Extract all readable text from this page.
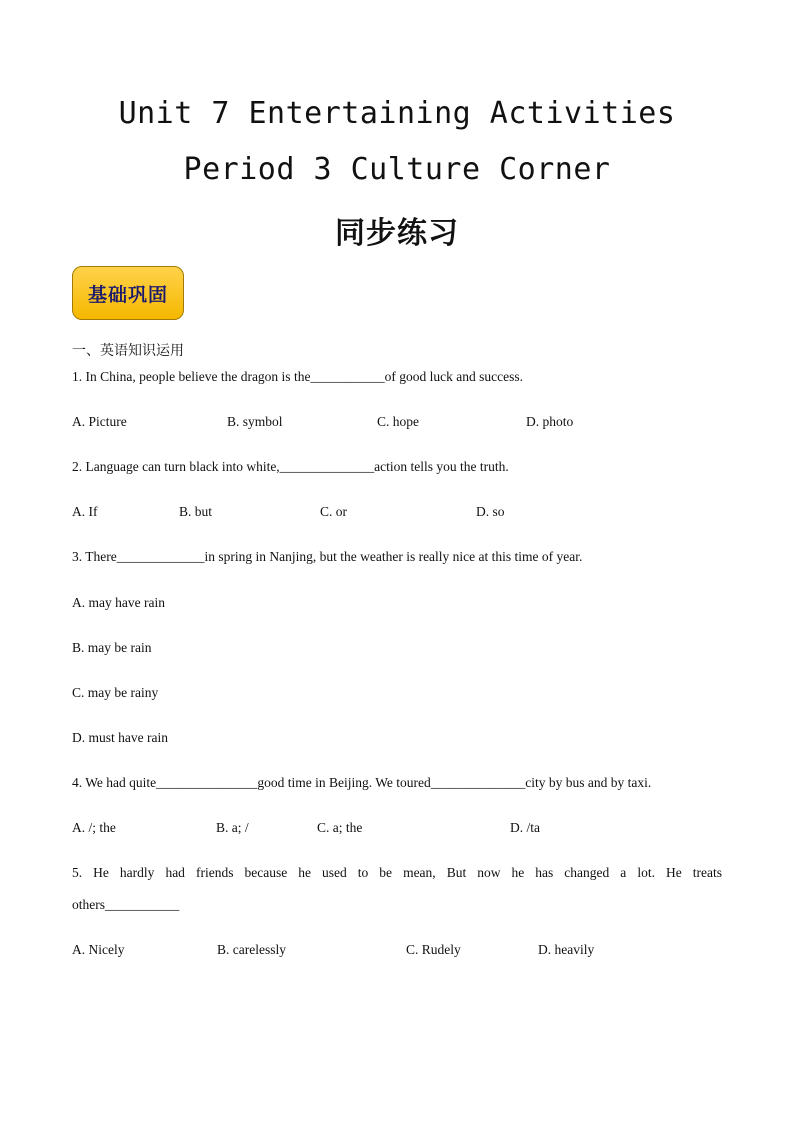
Unit 7 Entertaining Activities
Period 3 Culture Corner
同步练习
基础巩固
一、英语知识运用
1. In China, people believe the dragon is the___________of good luck and success.
A. Picture	B. symbol	C. hope	D. photo
2. Language can turn black into white,______________action tells you the truth.
A. If	B. but	C. or	D. so
3. There_____________in spring in Nanjing, but the weather is really nice at this time of year.
A. may have rain
B. may be rain
C. may be rainy
D. must have rain
4. We had quite_______________good time in Beijing. We toured______________city by bus and by taxi.
A. /; the	B. a; /	C. a; the	D. /ta
5. He hardly had friends because he used to be mean, But now he has changed a lot. He treats
others___________
A. Nicely	B. carelessly	C. Rudely	D. heavily
